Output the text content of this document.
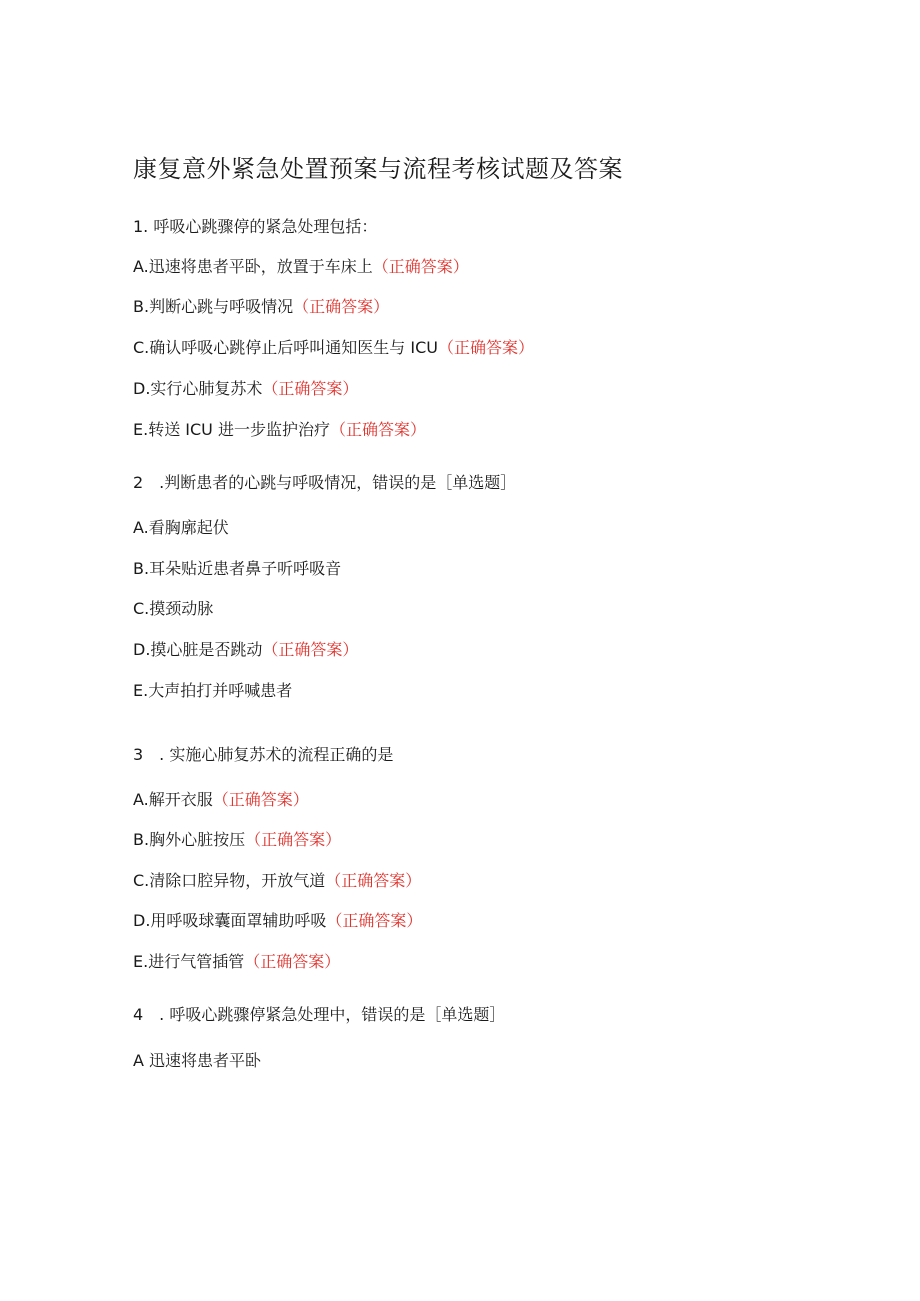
康复意外紧急处置预案与流程考核试题及答案
1. 呼吸心跳骤停的紧急处理包括：
A.迅速将患者平卧，放置于车床上（正确答案）
B.判断心跳与呼吸情况（正确答案）
C.确认呼吸心跳停止后呼叫通知医生与 ICU（正确答案）
D.实行心肺复苏术（正确答案）
E.转送 ICU 进一步监护治疗（正确答案）
2　.判断患者的心跳与呼吸情况，错误的是［单选题］
A.看胸廓起伏
B.耳朵贴近患者鼻子听呼吸音
C.摸颈动脉
D.摸心脏是否跳动（正确答案）
E.大声拍打并呼喊患者
3　. 实施心肺复苏术的流程正确的是
A.解开衣服（正确答案）
B.胸外心脏按压（正确答案）
C.清除口腔异物，开放气道（正确答案）
D.用呼吸球囊面罩辅助呼吸（正确答案）
E.进行气管插管（正确答案）
4　. 呼吸心跳骤停紧急处理中，错误的是［单选题］
A 迅速将患者平卧
